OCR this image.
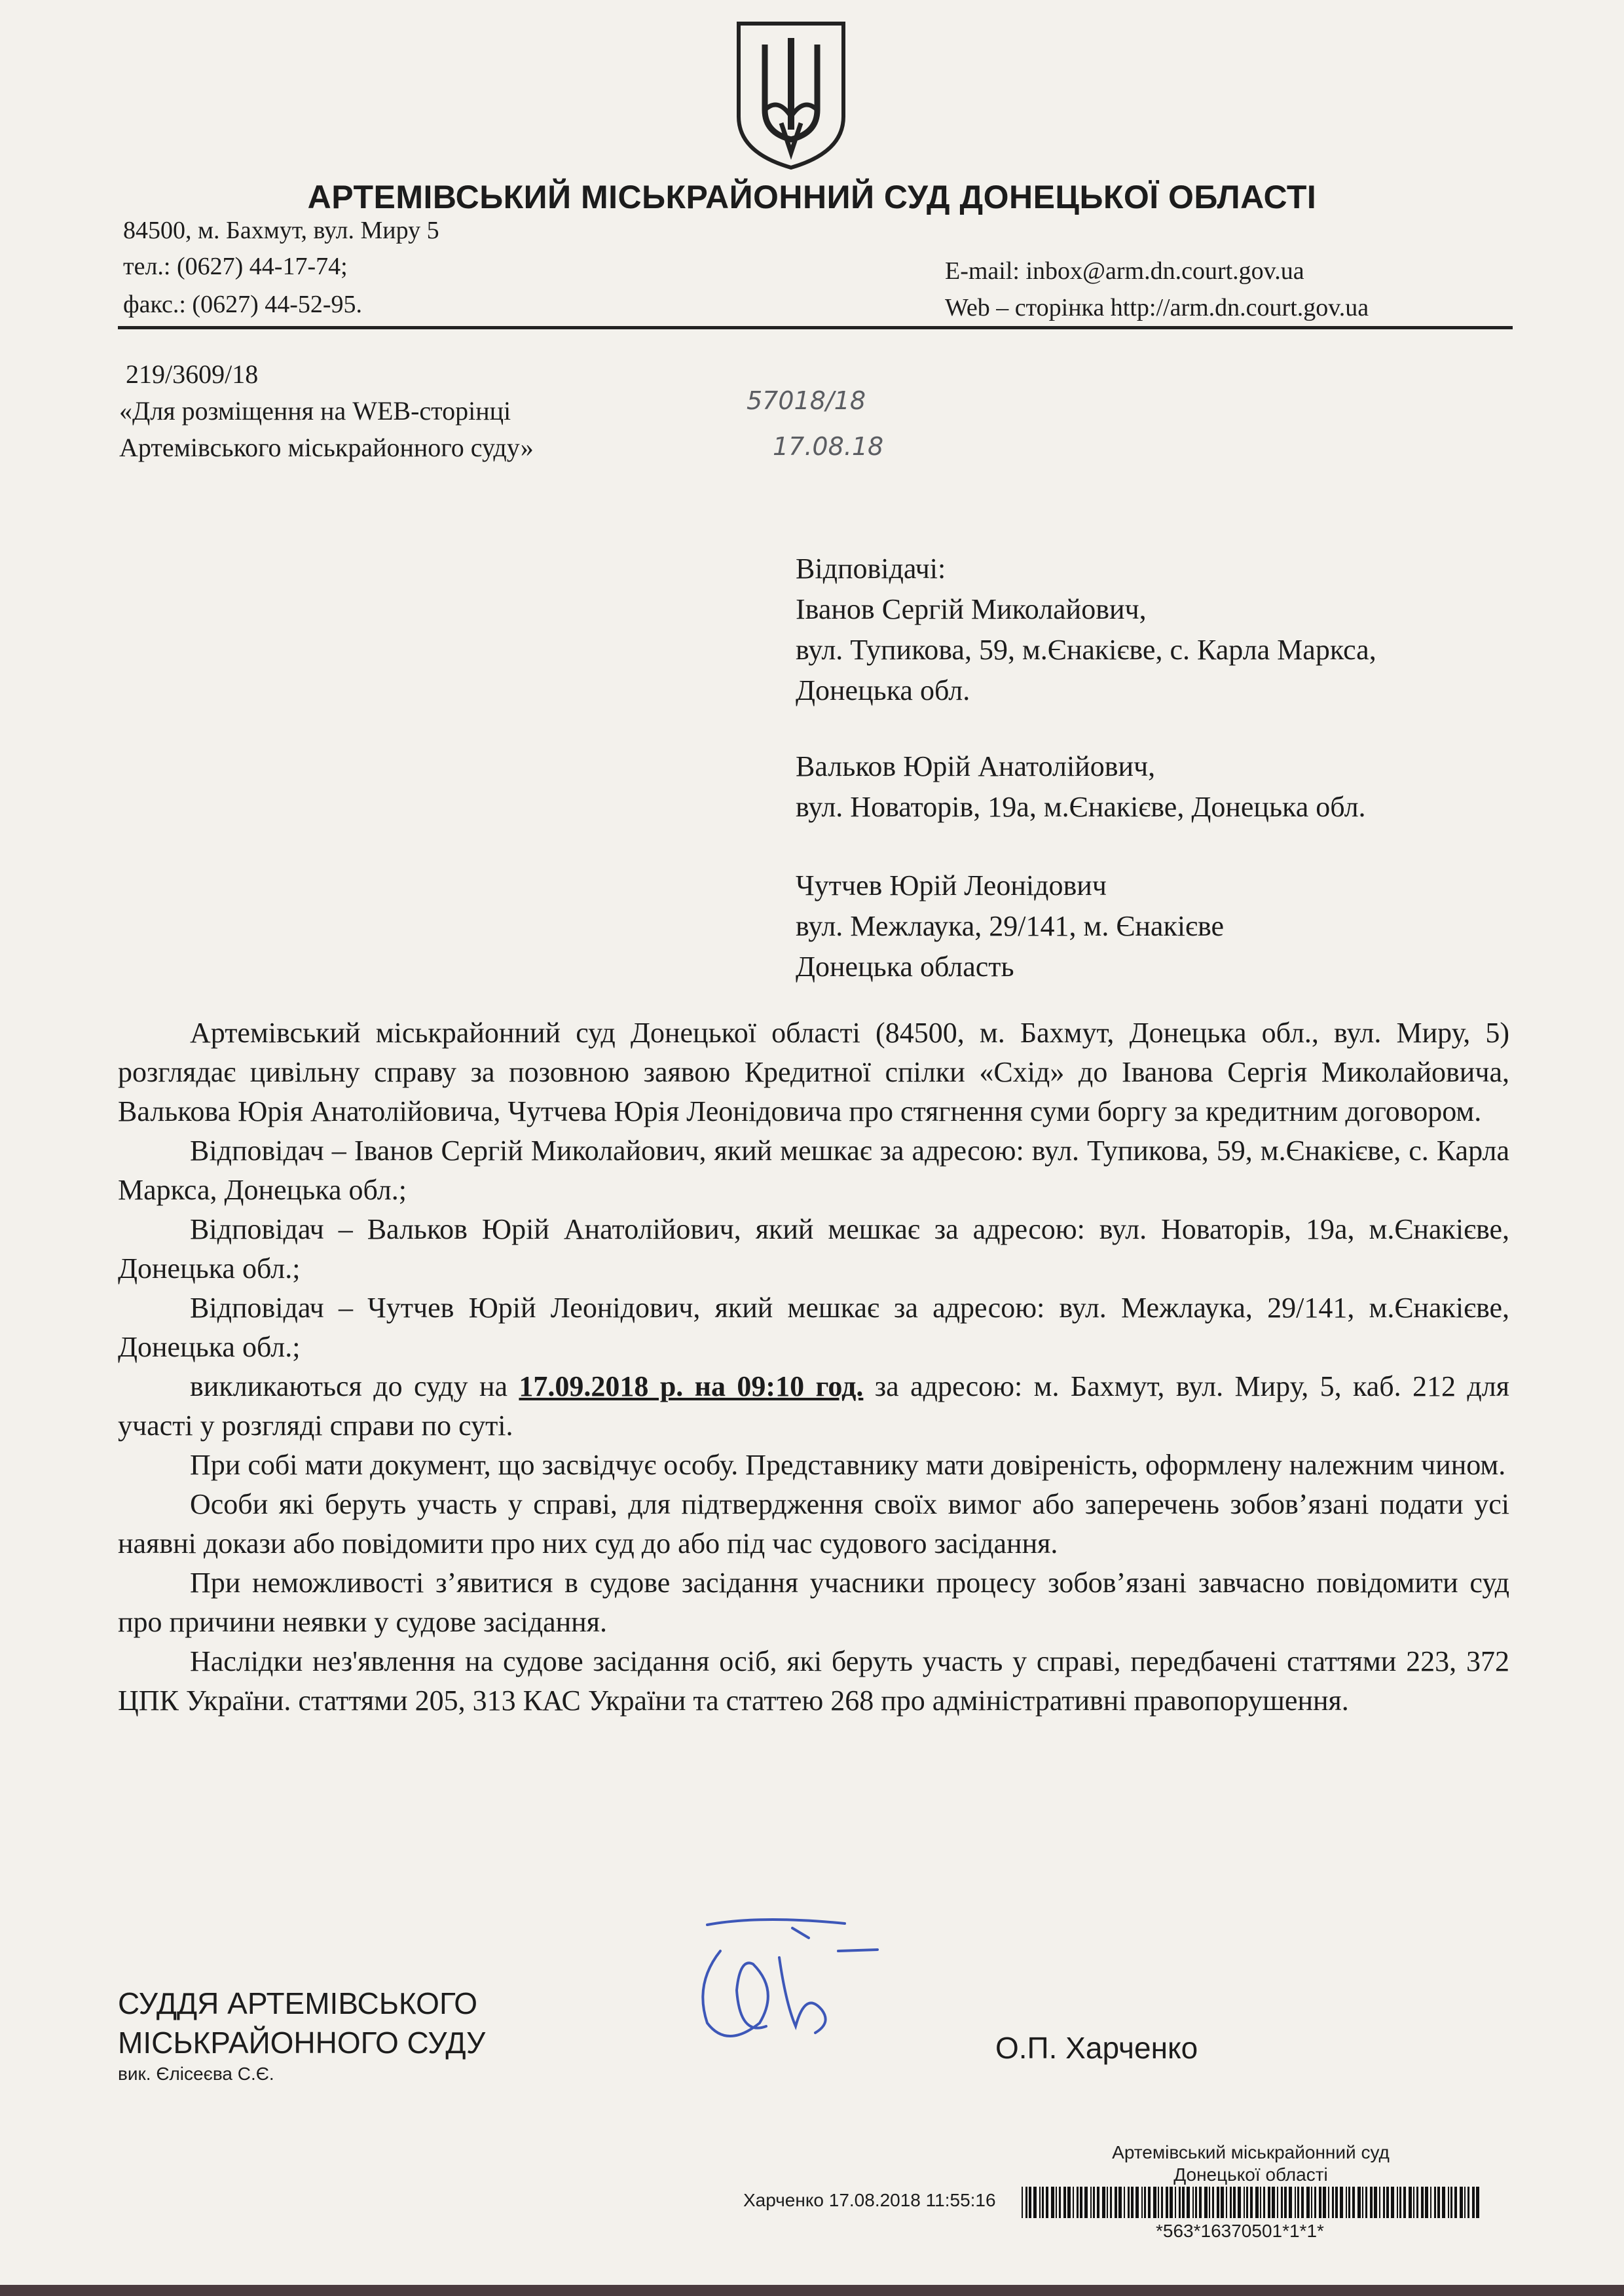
АРТЕМІВСЬКИЙ МІСЬКРАЙОННИЙ СУД ДОНЕЦЬКОЇ ОБЛАСТІ
84500, м. Бахмут, вул. Миру 5
тел.: (0627) 44-17-74;
факс.: (0627) 44-52-95.
E-mail: inbox@arm.dn.court.gov.ua
Web – сторінка http://arm.dn.court.gov.ua
219/3609/18
«Для розміщення на WEB-сторінці
Артемівського міськрайонного суду»
57018/18
17.08.18
Відповідачі:
Іванов Сергій Миколайович,
вул. Тупикова, 59, м.Єнакієве, с. Карла Маркса,
Донецька обл.
Вальков Юрій Анатолійович,
вул. Новаторів, 19а, м.Єнакієве, Донецька обл.
Чутчев Юрій Леонідович
вул. Межлаука, 29/141, м. Єнакієве
Донецька область

Артемівський міськрайонний суд Донецької області (84500, м. Бахмут, Донецька обл., вул. Миру, 5) розглядає цивільну справу за позовною заявою Кредитної спілки «Схід» до Іванова Сергія Миколайовича, Валькова Юрія Анатолійовича, Чутчева Юрія Леонідовича про стягнення суми боргу за кредитним договором.

Відповідач – Іванов Сергій Миколайович, який мешкає за адресою: вул. Тупикова, 59, м.Єнакієве, с. Карла Маркса, Донецька обл.;

Відповідач – Вальков Юрій Анатолійович, який мешкає за адресою: вул. Новаторів, 19а, м.Єнакієве, Донецька обл.;

Відповідач – Чутчев Юрій Леонідович, який мешкає за адресою: вул. Межлаука, 29/141, м.Єнакієве, Донецька обл.;

викликаються до суду на 17.09.2018 р. на 09:10 год. за адресою: м. Бахмут, вул. Миру, 5, каб. 212 для участі у розгляді справи по суті.

При собі мати документ, що засвідчує особу. Представнику мати довіреність, оформлену належним чином.

Особи які беруть участь у справі, для підтвердження своїх вимог або заперечень зобов’язані подати усі наявні докази або повідомити про них суд до або під час судового засідання.

При неможливості з’явитися в судове засідання учасники процесу зобов’язані завчасно повідомити суд про причини неявки у судове засідання.

Наслідки нез'явлення на судове засідання осіб, які беруть участь у справі, передбачені статтями 223, 372 ЦПК України. статтями 205, 313 КАС України та статтею 268 про адміністративні правопорушення.

СУДДЯ АРТЕМІВСЬКОГО
МІСЬКРАЙОННОГО СУДУ
вик. Єлісеєва С.Є.
О.П. Харченко
Артемівський міськрайонний суд
Донецької області
Харченко 17.08.2018 11:55:16
*563*16370501*1*1*
